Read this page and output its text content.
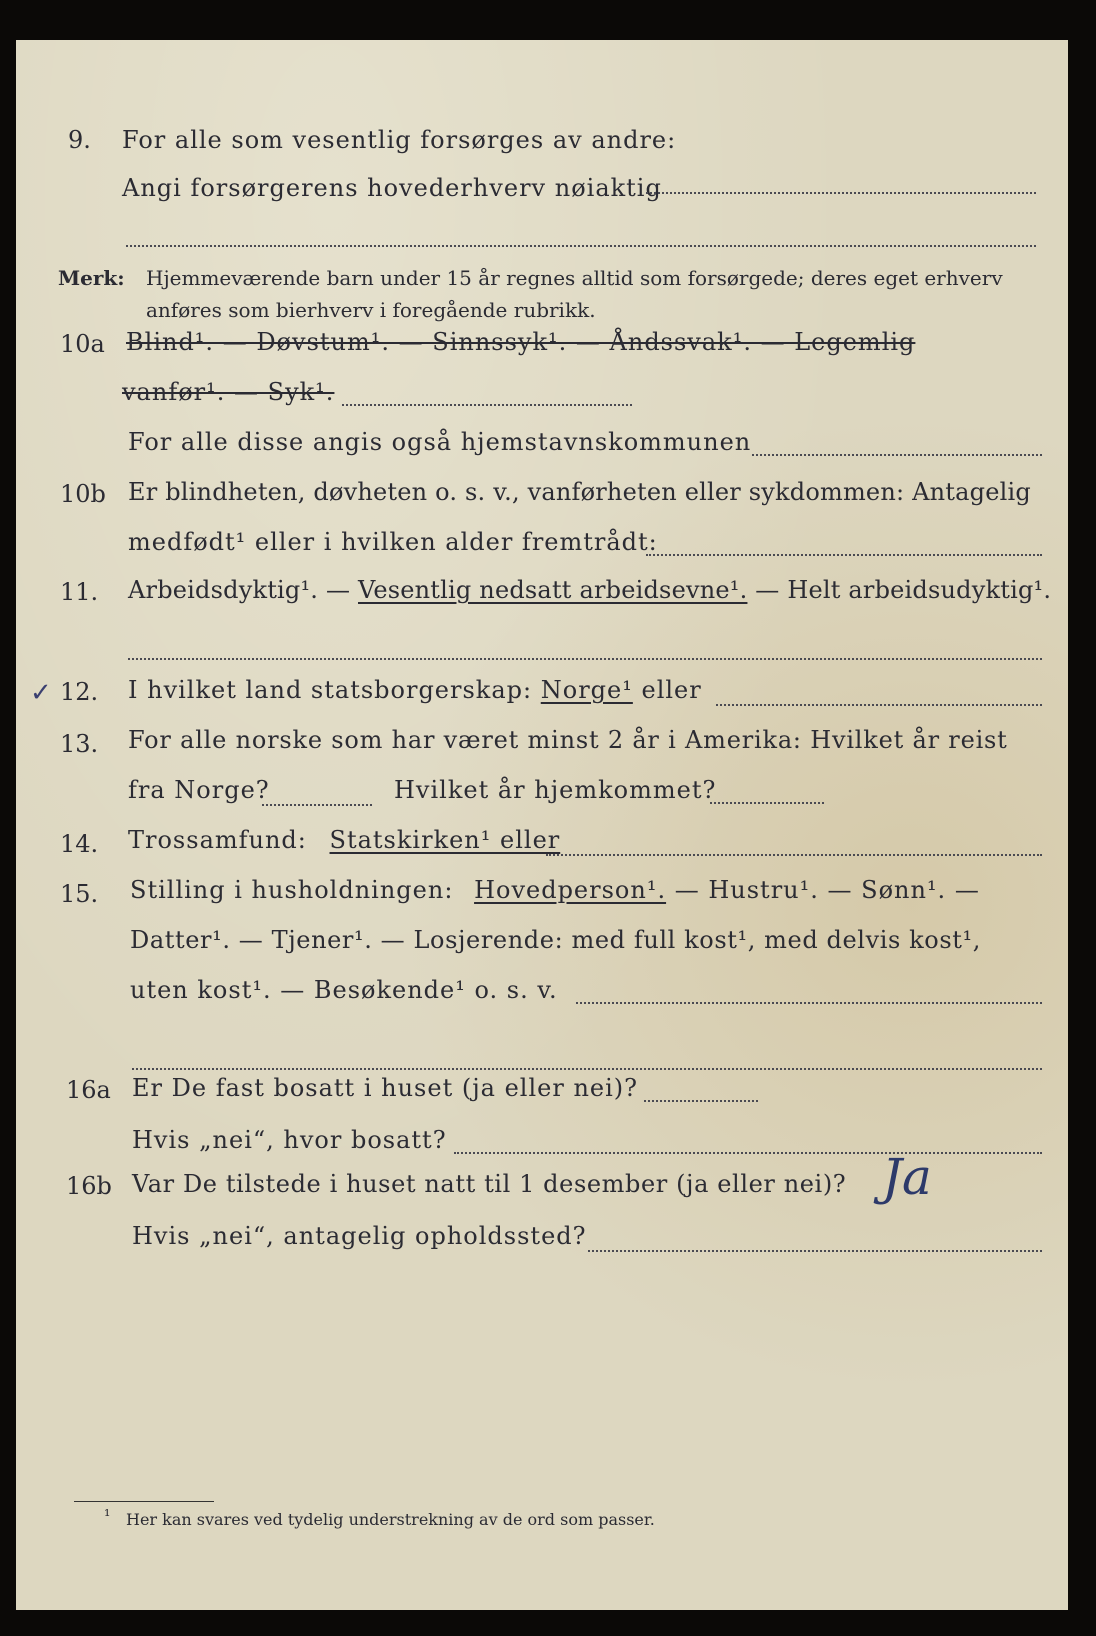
9. For alle som vesentlig forsørges av andre:
Angi forsørgerens hovederhverv nøiaktig
Merk: Hjemmeværende barn under 15 år regnes alltid som forsørgede; deres eget erhverv anføres som bierhverv i foregående rubrikk.
10a Blind¹. — Døvstum¹. — Sinnssyk¹. — Åndssvak¹. — Legemlig
vanfør¹. — Syk¹.
For alle disse angis også hjemstavnskommunen
10b Er blindheten, døvheten o. s. v., vanførheten eller sykdommen: Antagelig
medfødt¹ eller i hvilken alder fremtrådt:
11. Arbeidsdyktig¹. — Vesentlig nedsatt arbeidsevne¹. — Helt arbeidsudyktig¹.
✓ 12. I hvilket land statsborgerskap: Norge¹ eller
13. For alle norske som har været minst 2 år i Amerika: Hvilket år reist
fra Norge?	Hvilket år hjemkommet?
14. Trossamfund: Statskirken¹ eller
15. Stilling i husholdningen: Hovedperson¹. — Hustru¹. — Sønn¹. —
Datter¹. — Tjener¹. — Losjerende: med full kost¹, med delvis kost¹,
uten kost¹. — Besøkende¹ o. s. v.
16a Er De fast bosatt i huset (ja eller nei)?
Hvis „nei“, hvor bosatt?
16b Var De tilstede i huset natt til 1 desember (ja eller nei)? Ja
Hvis „nei“, antagelig opholdssted?
¹ Her kan svares ved tydelig understrekning av de ord som passer.
